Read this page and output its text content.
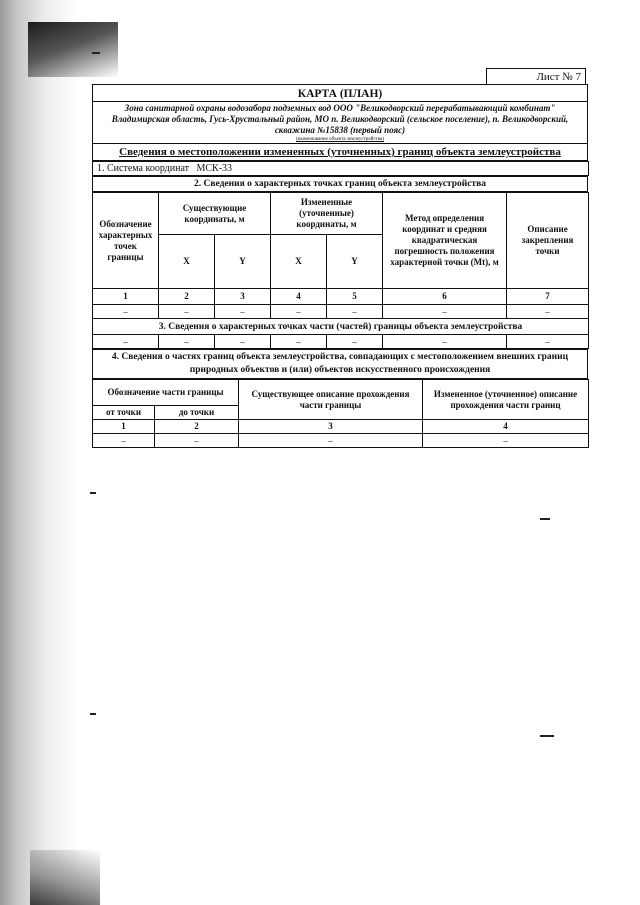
Лист № 7
КАРТА (ПЛАН)
Зона санитарной охраны водозабора подземных вод ООО "Великодворский перерабатывающий комбинат" Владимирская область, Гусь-Хрустальный район, МО п. Великодворский (сельское поселение), п. Великодворский, скважина №15838 (первый пояс)
(наименование объекта землеустройства)
Сведения о местоположении измененных (уточненных) границ объекта землеустройства
1. Система координат	МСК-33
2. Сведения о характерных точках границ объекта землеустройства
Обозначение характерных точек границы	Существующие координаты, м		Измененные (уточненные) координаты, м		Метод определения координат и средняя квадратическая погрешность положения характерной точки (Mt), м	Описание закрепления точки
	X	Y	X	Y		
1	2	3	4	5	6	7
–	–	–	–	–	–	–
3. Сведения о характерных точках части (частей) границы объекта землеустройства						
–	–	–	–	–	–	–
4. Сведения о частях границ объекта землеустройства, совпадающих с местоположением внешних границ природных объектов и (или) объектов искусственного происхождения
Обозначение части границы		Существующее описание прохождения части границы	Измененное (уточненное) описание прохождения части границ
от точки	до точки		
1	2	3	4
–	–	–	–
